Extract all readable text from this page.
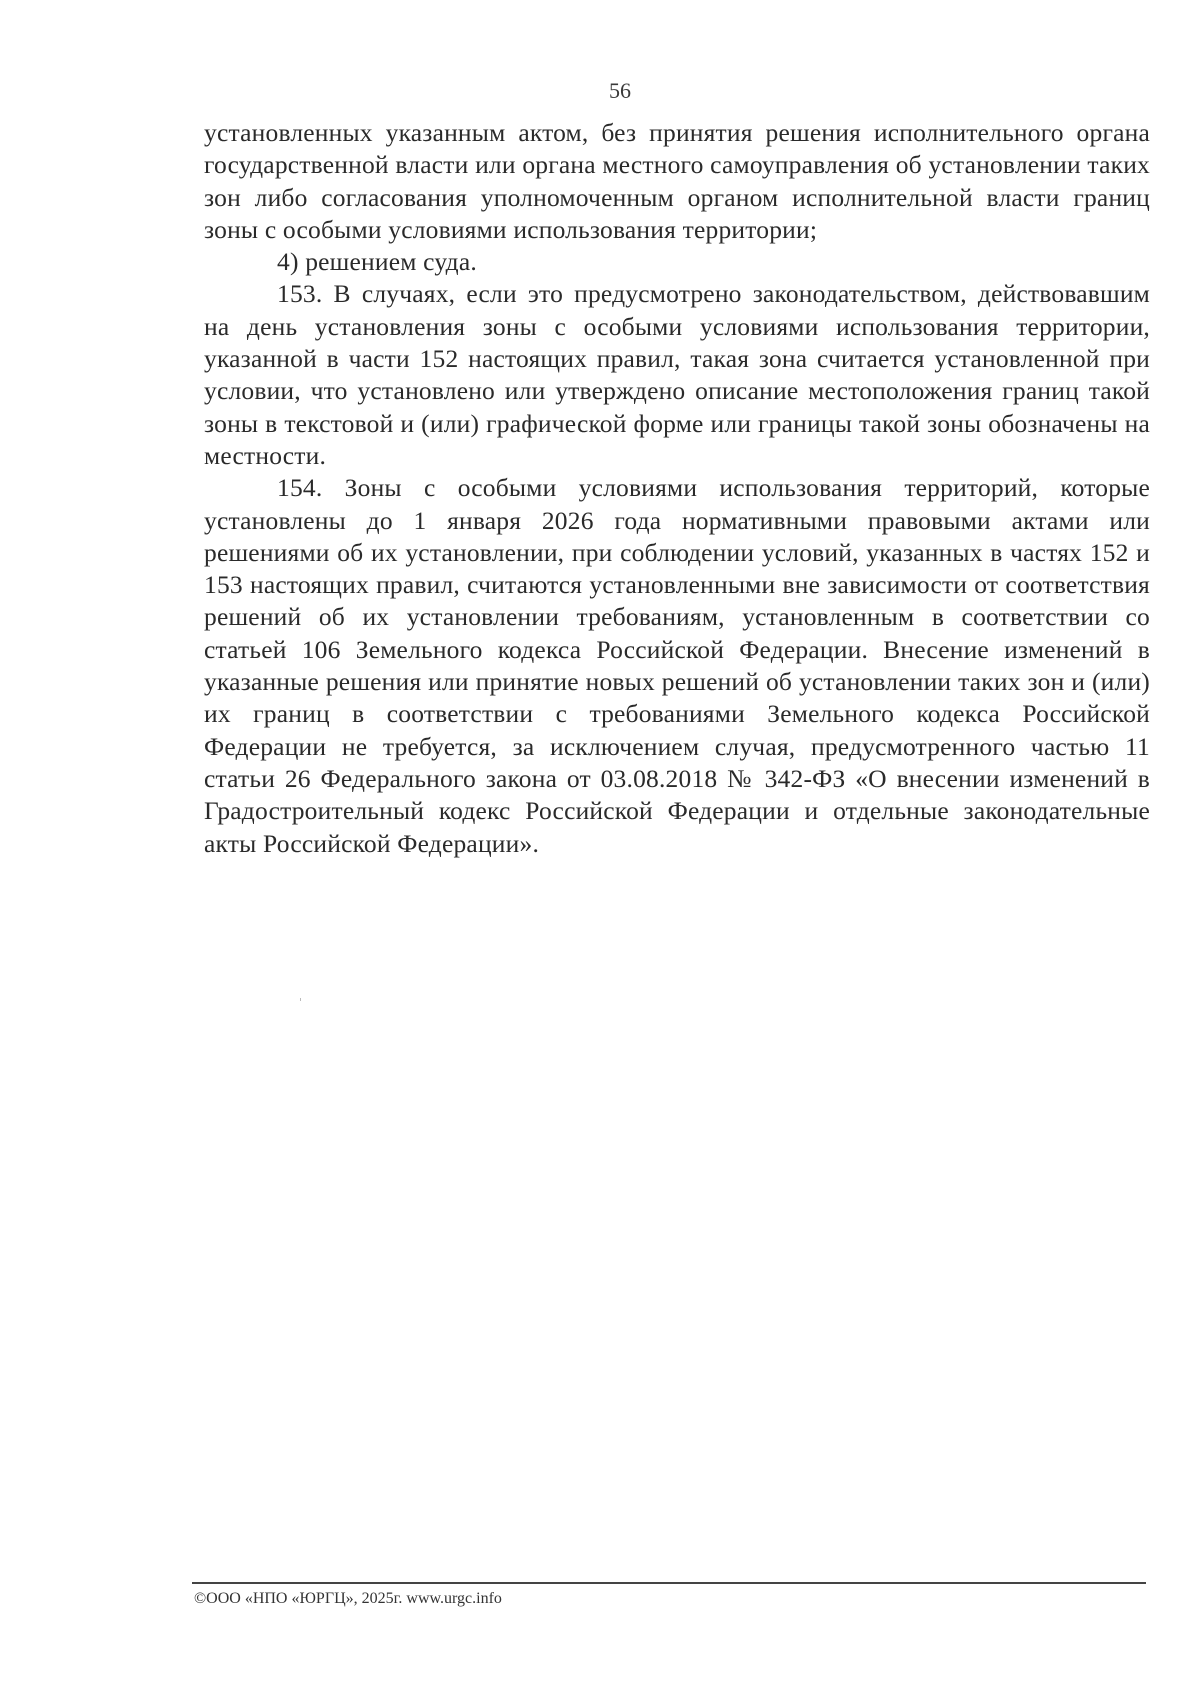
56

установленных указанным актом, без принятия решения исполнительного органа государственной власти или органа местного самоуправления об установлении таких зон либо согласования уполномоченным органом исполнительной власти границ зоны с особыми условиями использования территории;

4) решением суда.

153. В случаях, если это предусмотрено законодательством, действовавшим на день установления зоны с особыми условиями использования территории, указанной в части 152 настоящих правил, такая зона считается установленной при условии, что установлено или утверждено описание местоположения границ такой зоны в текстовой и (или) графической форме или границы такой зоны обозначены на местности.

154. Зоны с особыми условиями использования территорий, которые установлены до 1 января 2026 года нормативными правовыми актами или решениями об их установлении, при соблюдении условий, указанных в частях 152 и 153 настоящих правил, считаются установленными вне зависимости от соответствия решений об их установлении требованиям, установленным в соответствии со статьей 106 Земельного кодекса Российской Федерации. Внесение изменений в указанные решения или принятие новых решений об установлении таких зон и (или) их границ в соответствии с требованиями Земельного кодекса Российской Федерации не требуется, за исключением случая, предусмотренного частью 11 статьи 26 Федерального закона от 03.08.2018 № 342-ФЗ «О внесении изменений в Градостроительный кодекс Российской Федерации и отдельные законодательные акты Российской Федерации».

©ООО «НПО «ЮРГЦ», 2025г. www.urgc.info
